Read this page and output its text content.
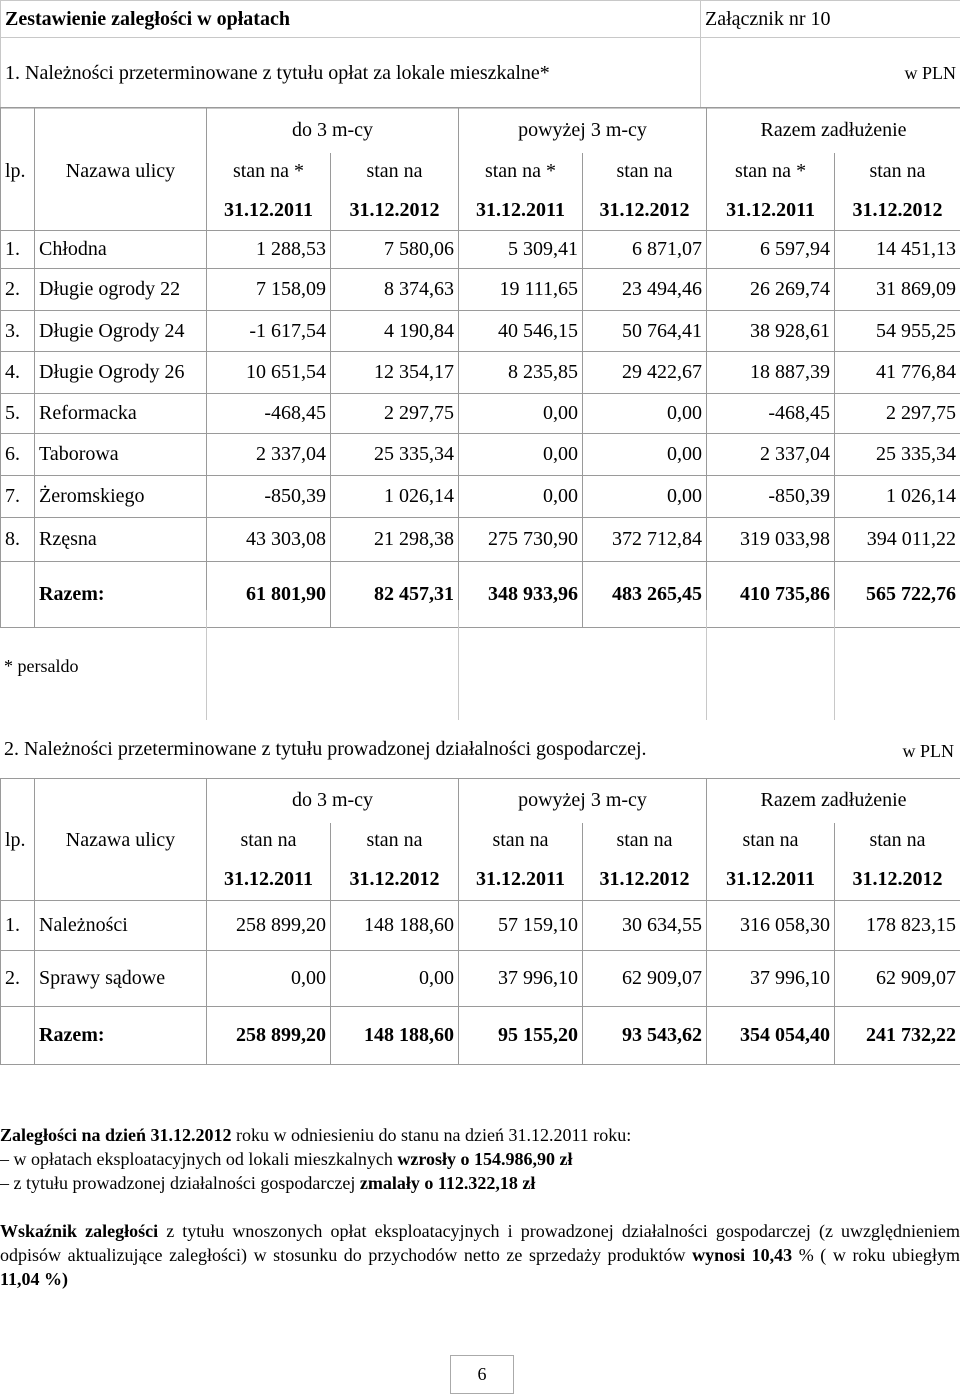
Zestawienie zaległości w opłatach	Załącznik nr 10
1. Należności przeterminowane z tytułu opłat za lokale mieszkalne*	w PLN
		do 3 m-cy		powyżej 3 m-cy		Razem zadłużenie	
lp.	Nazawa ulicy	stan na *	stan na	stan na *	stan na	stan na *	stan na
		31.12.2011	31.12.2012	31.12.2011	31.12.2012	31.12.2011	31.12.2012
1.	Chłodna	1 288,53	7 580,06	5 309,41	6 871,07	6 597,94	14 451,13
2.	Długie ogrody 22	7 158,09	8 374,63	19 111,65	23 494,46	26 269,74	31 869,09
3.	Długie Ogrody 24	-1 617,54	4 190,84	40 546,15	50 764,41	38 928,61	54 955,25
4.	Długie Ogrody 26	10 651,54	12 354,17	8 235,85	29 422,67	18 887,39	41 776,84
5.	Reformacka	-468,45	2 297,75	0,00	0,00	-468,45	2 297,75
6.	Taborowa	2 337,04	25 335,34	0,00	0,00	2 337,04	25 335,34
7.	Żeromskiego	-850,39	1 026,14	0,00	0,00	-850,39	1 026,14
8.	Rzęsna	43 303,08	21 298,38	275 730,90	372 712,84	319 033,98	394 011,22
	Razem:	61 801,90	82 457,31	348 933,96	483 265,45	410 735,86	565 722,76
* persaldo
2. Należności przeterminowane z tytułu prowadzonej działalności gospodarczej.	w PLN
		do 3 m-cy		powyżej 3 m-cy		Razem zadłużenie	
lp.	Nazawa ulicy	stan na	stan na	stan na	stan na	stan na	stan na
		31.12.2011	31.12.2012	31.12.2011	31.12.2012	31.12.2011	31.12.2012
1.	Należności	258 899,20	148 188,60	57 159,10	30 634,55	316 058,30	178 823,15
2.	Sprawy sądowe	0,00	0,00	37 996,10	62 909,07	37 996,10	62 909,07
	Razem:	258 899,20	148 188,60	95 155,20	93 543,62	354 054,40	241 732,22

Zaległości na dzień 31.12.2012 roku w odniesieniu do stanu na dzień 31.12.2011 roku:

– w opłatach eksploatacyjnych od lokali mieszkalnych wzrosły o 154.986,90 zł

– z tytułu prowadzonej działalności gospodarczej zmalały o 112.322,18 zł

Wskaźnik zaległości z tytułu wnoszonych opłat eksploatacyjnych i prowadzonej działalności gospodarczej (z uwzględnieniem odpisów aktualizujące zaległości) w stosunku do przychodów netto ze sprzedaży produktów wynosi 10,43 % ( w roku ubiegłym 11,04 %)

6
